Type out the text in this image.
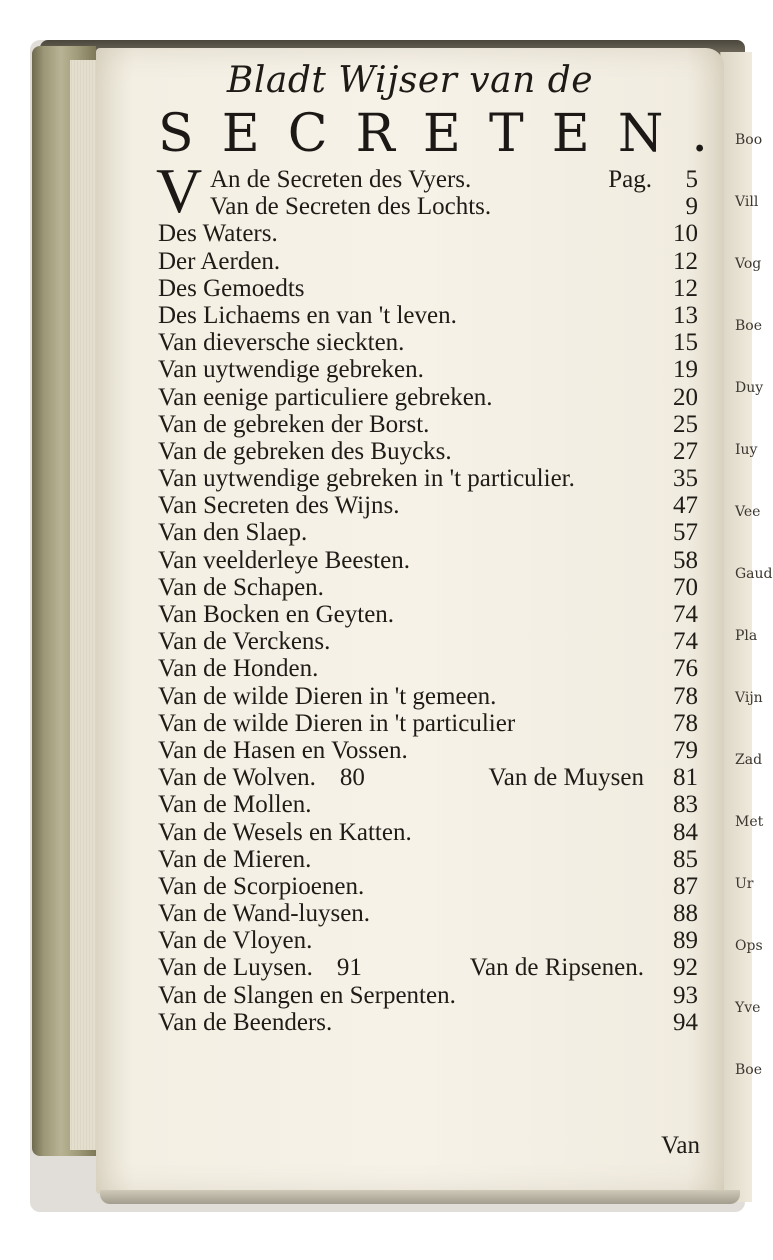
Boo
Vill
Vog
Boe
Duy
Iuy
Vee
Gaud
Pla
Vijn
Zad
Met
Ur
Ops
Yve
Boe
Bladt Wijser van de
S E C R E T E N .
V An de Secreten des Vyers.	Pag.	5
Van de Secreten des Lochts.	9
Des Waters.	10
Der Aerden.	12
Des Gemoedts	12
Des Lichaems en van 't leven.	13
Van dieversche sieckten.	15
Van uytwendige gebreken.	19
Van eenige particuliere gebreken.	20
Van de gebreken der Borst.	25
Van de gebreken des Buycks.	27
Van uytwendige gebreken in 't particulier.	35
Van Secreten des Wijns.	47
Van den Slaep.	57
Van veelderleye Beesten.	58
Van de Schapen.	70
Van Bocken en Geyten.	74
Van de Verckens.	74
Van de Honden.	76
Van de wilde Dieren in 't gemeen.	78
Van de wilde Dieren in 't particulier	78
Van de Hasen en Vossen.	79
Van de Wolven. 80	Van de Muysen	81
Van de Mollen.	83
Van de Wesels en Katten.	84
Van de Mieren.	85
Van de Scorpioenen.	87
Van de Wand-luysen.	88
Van de Vloyen.	89
Van de Luysen. 91	Van de Ripsenen.	92
Van de Slangen en Serpenten.	93
Van de Beenders.	94
Van
